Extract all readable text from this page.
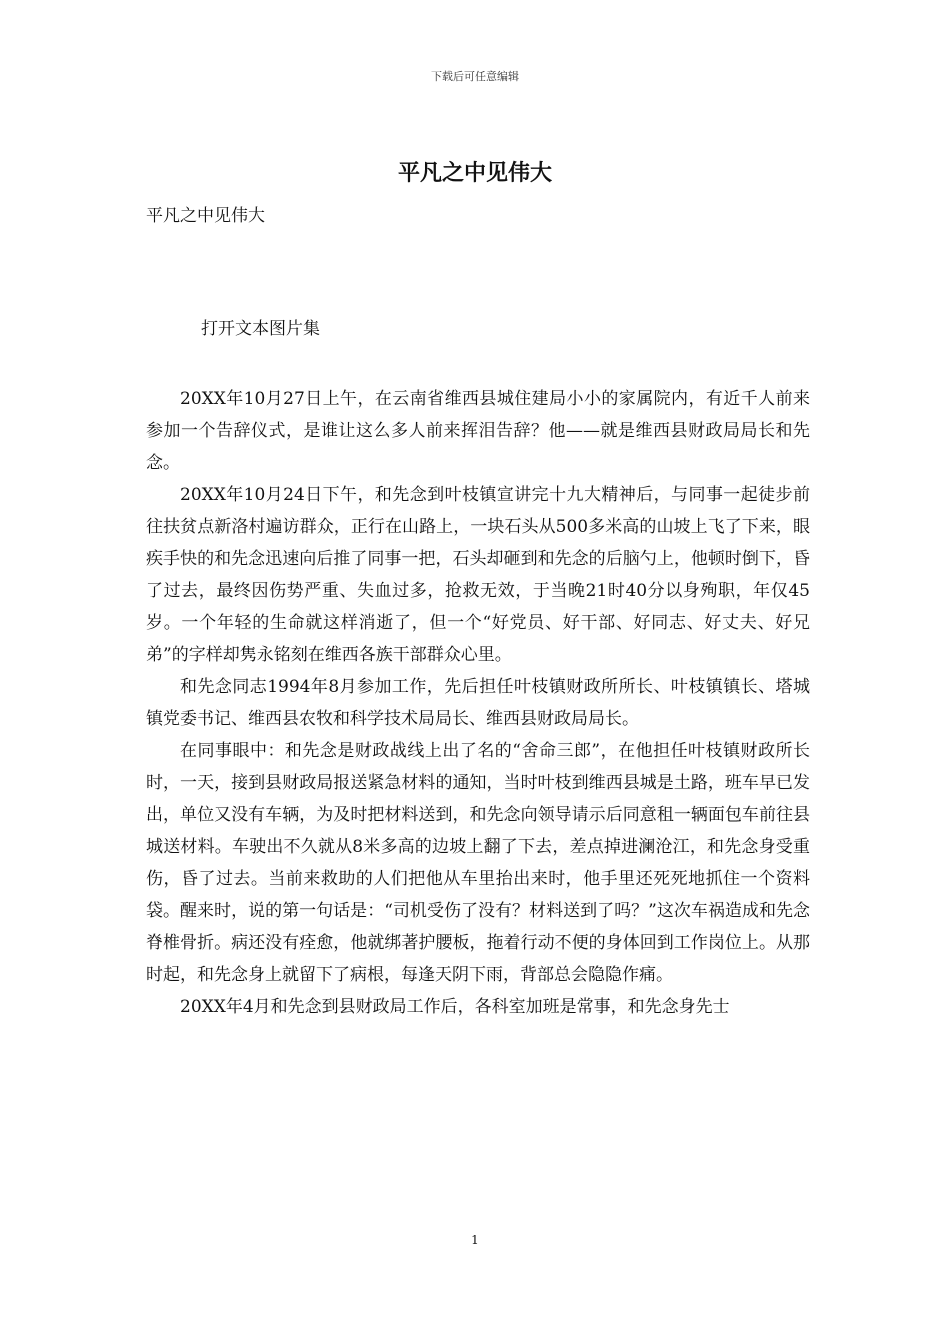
下载后可任意编辑
平凡之中见伟大
平凡之中见伟大
打开文本图片集

20XX年10月27日上午，在云南省维西县城住建局小小的家属院内，有近千人前来参加一个告辞仪式，是谁让这么多人前来挥泪告辞？他——就是维西县财政局局长和先念。

20XX年10月24日下午，和先念到叶枝镇宣讲完十九大精神后，与同事一起徒步前往扶贫点新洛村遍访群众，正行在山路上，一块石头从500多米高的山坡上飞了下来，眼疾手快的和先念迅速向后推了同事一把，石头却砸到和先念的后脑勺上，他顿时倒下，昏了过去，最终因伤势严重、失血过多，抢救无效，于当晚21时40分以身殉职，年仅45岁。一个年轻的生命就这样消逝了，但一个“好党员、好干部、好同志、好丈夫、好兄弟”的字样却隽永铭刻在维西各族干部群众心里。

和先念同志1994年8月参加工作，先后担任叶枝镇财政所所长、叶枝镇镇长、塔城镇党委书记、维西县农牧和科学技术局局长、维西县财政局局长。

在同事眼中：和先念是财政战线上出了名的“舍命三郎”，在他担任叶枝镇财政所长时，一天，接到县财政局报送紧急材料的通知，当时叶枝到维西县城是土路，班车早已发出，单位又没有车辆，为及时把材料送到，和先念向领导请示后同意租一辆面包车前往县城送材料。车驶出不久就从8米多高的边坡上翻了下去，差点掉进澜沧江，和先念身受重伤，昏了过去。当前来救助的人们把他从车里抬出来时，他手里还死死地抓住一个资料袋。醒来时，说的第一句话是：“司机受伤了没有？材料送到了吗？”这次车祸造成和先念脊椎骨折。病还没有痊愈，他就绑著护腰板，拖着行动不便的身体回到工作岗位上。从那时起，和先念身上就留下了病根，每逢天阴下雨，背部总会隐隐作痛。

20XX年4月和先念到县财政局工作后，各科室加班是常事，和先念身先士

1
